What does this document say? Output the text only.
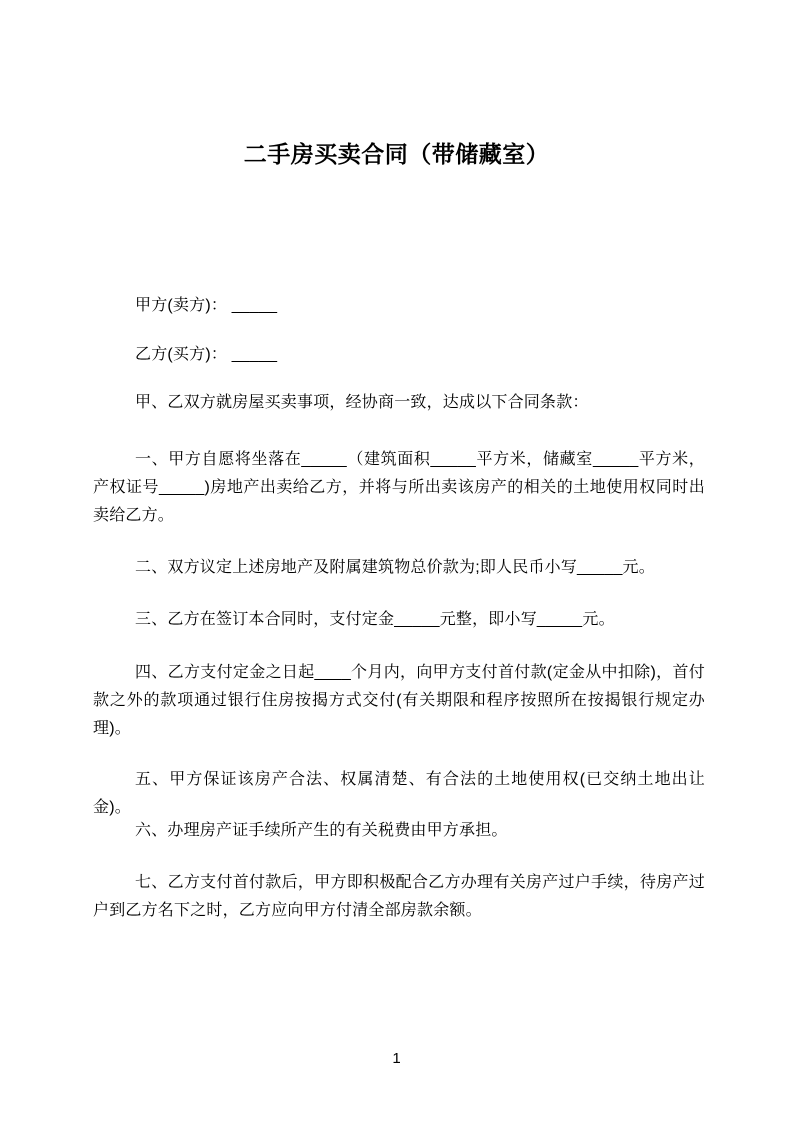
二手房买卖合同（带储藏室）

甲方(卖方)： _____

乙方(买方)： _____

甲、乙双方就房屋买卖事项，经协商一致，达成以下合同条款：

一、甲方自愿将坐落在_____（建筑面积_____平方米，储藏室_____平方米，产权证号_____)房地产出卖给乙方，并将与所出卖该房产的相关的土地使用权同时出卖给乙方。

二、双方议定上述房地产及附属建筑物总价款为;即人民币小写_____元。

三、乙方在签订本合同时，支付定金_____元整，即小写_____元。

四、乙方支付定金之日起____个月内，向甲方支付首付款(定金从中扣除)，首付款之外的款项通过银行住房按揭方式交付(有关期限和程序按照所在按揭银行规定办理)。

五、甲方保证该房产合法、权属清楚、有合法的土地使用权(已交纳土地出让金)。

六、办理房产证手续所产生的有关税费由甲方承担。

七、乙方支付首付款后，甲方即积极配合乙方办理有关房产过户手续，待房产过户到乙方名下之时，乙方应向甲方付清全部房款余额。

1
